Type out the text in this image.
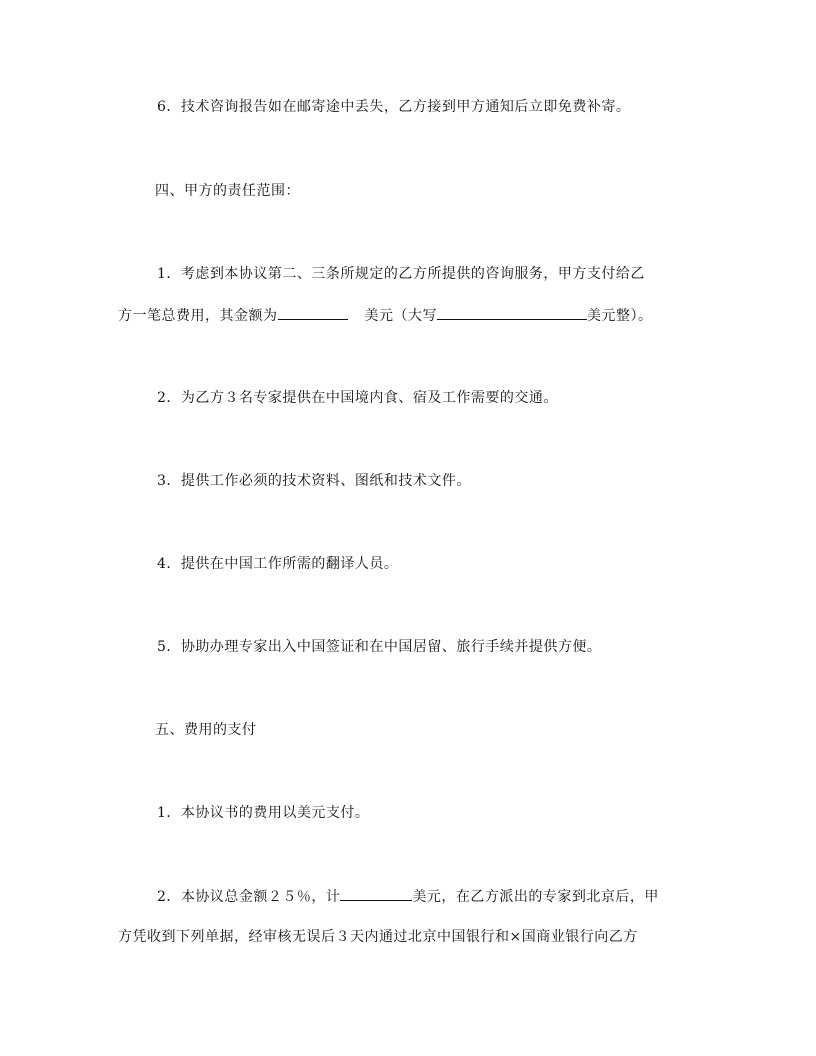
6．技术咨询报告如在邮寄途中丢失，乙方接到甲方通知后立即免费补寄。
四、甲方的责任范围：
1．考虑到本协议第二、三条所规定的乙方所提供的咨询服务，甲方支付给乙
方一笔总费用，其金额为	美元（大写	美元整）。
2．为乙方３名专家提供在中国境内食、宿及工作需要的交通。
3．提供工作必须的技术资料、图纸和技术文件。
4．提供在中国工作所需的翻译人员。
5．协助办理专家出入中国签证和在中国居留、旅行手续并提供方便。
五、费用的支付
1．本协议书的费用以美元支付。
2．本协议总金额２５％，计	美元，在乙方派出的专家到北京后，甲
方凭收到下列单据，经审核无误后３天内通过北京中国银行和×国商业银行向乙方
